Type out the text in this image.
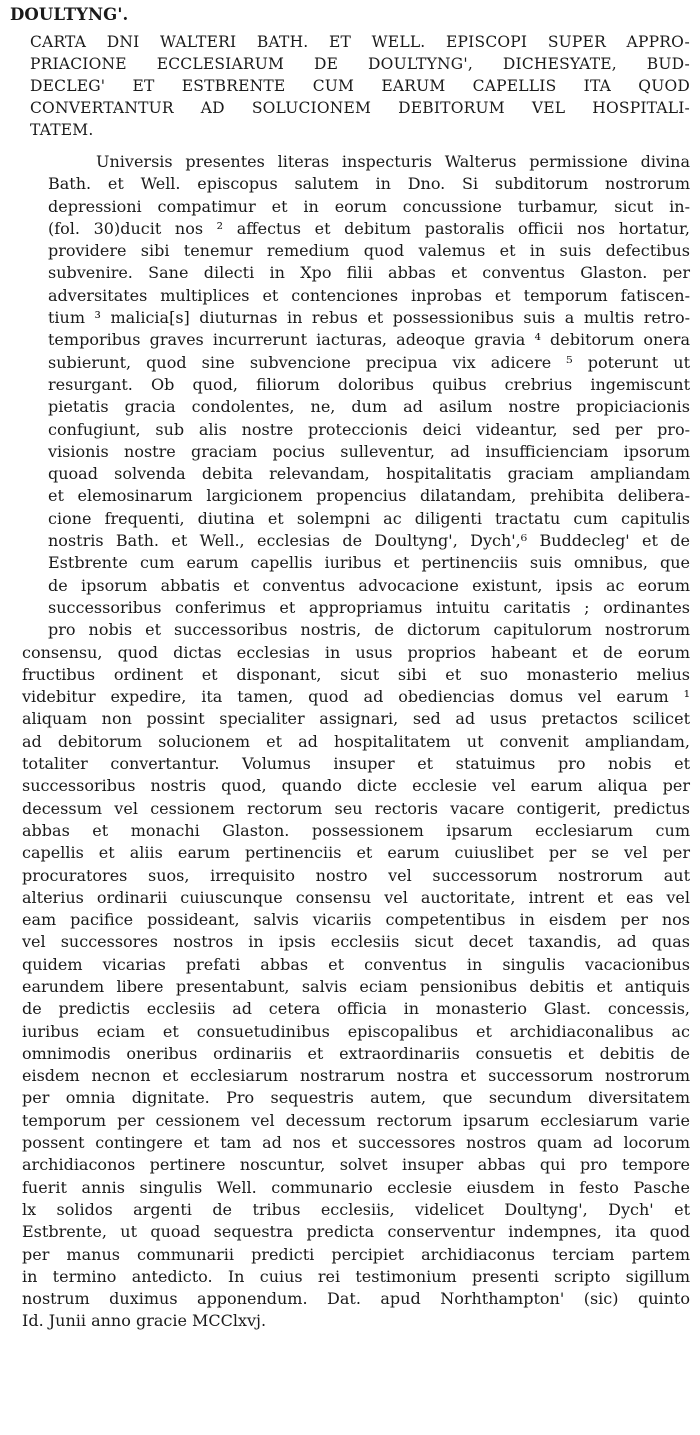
DOULTYNG'.
CARTA DNI WALTERI BATH. ET WELL. EPISCOPI SUPER APPRO-
PRIACIONE ECCLESIARUM DE DOULTYNG', DICHESYATE, BUD-
DECLEG' ET ESTBRENTE CUM EARUM CAPELLIS ITA QUOD
CONVERTANTUR AD SOLUCIONEM DEBITORUM VEL HOSPITALI-
TATEM.
Universis presentes literas inspecturis Walterus permissione divina
Bath. et Well. episcopus salutem in Dno. Si subditorum nostrorum
depressioni compatimur et in eorum concussione turbamur, sicut in-
(fol. 30)ducit nos ² affectus et debitum pastoralis officii nos hortatur,
providere sibi tenemur remedium quod valemus et in suis defectibus
subvenire. Sane dilecti in Xpo filii abbas et conventus Glaston. per
adversitates multiplices et contenciones inprobas et temporum fatiscen-
tium ³ malicia[s] diuturnas in rebus et possessionibus suis a multis retro-
temporibus graves incurrerunt iacturas, adeoque gravia ⁴ debitorum onera
subierunt, quod sine subvencione precipua vix adicere ⁵ poterunt ut
resurgant. Ob quod, filiorum doloribus quibus crebrius ingemiscunt
pietatis gracia condolentes, ne, dum ad asilum nostre propiciacionis
confugiunt, sub alis nostre proteccionis deici videantur, sed per pro-
visionis nostre graciam pocius sulleventur, ad insufficienciam ipsorum
quoad solvenda debita relevandam, hospitalitatis graciam ampliandam
et elemosinarum largicionem propencius dilatandam, prehibita delibera-
cione frequenti, diutina et solempni ac diligenti tractatu cum capitulis
nostris Bath. et Well., ecclesias de Doultyng', Dych',⁶ Buddecleg' et de
Estbrente cum earum capellis iuribus et pertinenciis suis omnibus, que
de ipsorum abbatis et conventus advocacione existunt, ipsis ac eorum
successoribus conferimus et appropriamus intuitu caritatis ; ordinantes
pro nobis et successoribus nostris, de dictorum capitulorum nostrorum
consensu, quod dictas ecclesias in usus proprios habeant et de eorum
fructibus ordinent et disponant, sicut sibi et suo monasterio melius
videbitur expedire, ita tamen, quod ad obediencias domus vel earum ¹
aliquam non possint specialiter assignari, sed ad usus pretactos scilicet
ad debitorum solucionem et ad hospitalitatem ut convenit ampliandam,
totaliter convertantur. Volumus insuper et statuimus pro nobis et
successoribus nostris quod, quando dicte ecclesie vel earum aliqua per
decessum vel cessionem rectorum seu rectoris vacare contigerit, predictus
abbas et monachi Glaston. possessionem ipsarum ecclesiarum cum
capellis et aliis earum pertinenciis et earum cuiuslibet per se vel per
procuratores suos, irrequisito nostro vel successorum nostrorum aut
alterius ordinarii cuiuscunque consensu vel auctoritate, intrent et eas vel
eam pacifice possideant, salvis vicariis competentibus in eisdem per nos
vel successores nostros in ipsis ecclesiis sicut decet taxandis, ad quas
quidem vicarias prefati abbas et conventus in singulis vacacionibus
earundem libere presentabunt, salvis eciam pensionibus debitis et antiquis
de predictis ecclesiis ad cetera officia in monasterio Glast. concessis,
iuribus eciam et consuetudinibus episcopalibus et archidiaconalibus ac
omnimodis oneribus ordinariis et extraordinariis consuetis et debitis de
eisdem necnon et ecclesiarum nostrarum nostra et successorum nostrorum
per omnia dignitate. Pro sequestris autem, que secundum diversitatem
temporum per cessionem vel decessum rectorum ipsarum ecclesiarum varie
possent contingere et tam ad nos et successores nostros quam ad locorum
archidiaconos pertinere noscuntur, solvet insuper abbas qui pro tempore
fuerit annis singulis Well. communario ecclesie eiusdem in festo Pasche
lx solidos argenti de tribus ecclesiis, videlicet Doultyng', Dych' et
Estbrente, ut quoad sequestra predicta conserventur indempnes, ita quod
per manus communarii predicti percipiet archidiaconus terciam partem
in termino antedicto. In cuius rei testimonium presenti scripto sigillum
nostrum duximus apponendum. Dat. apud Norhthampton' (sic) quinto
Id. Junii anno gracie MCClxvj.
